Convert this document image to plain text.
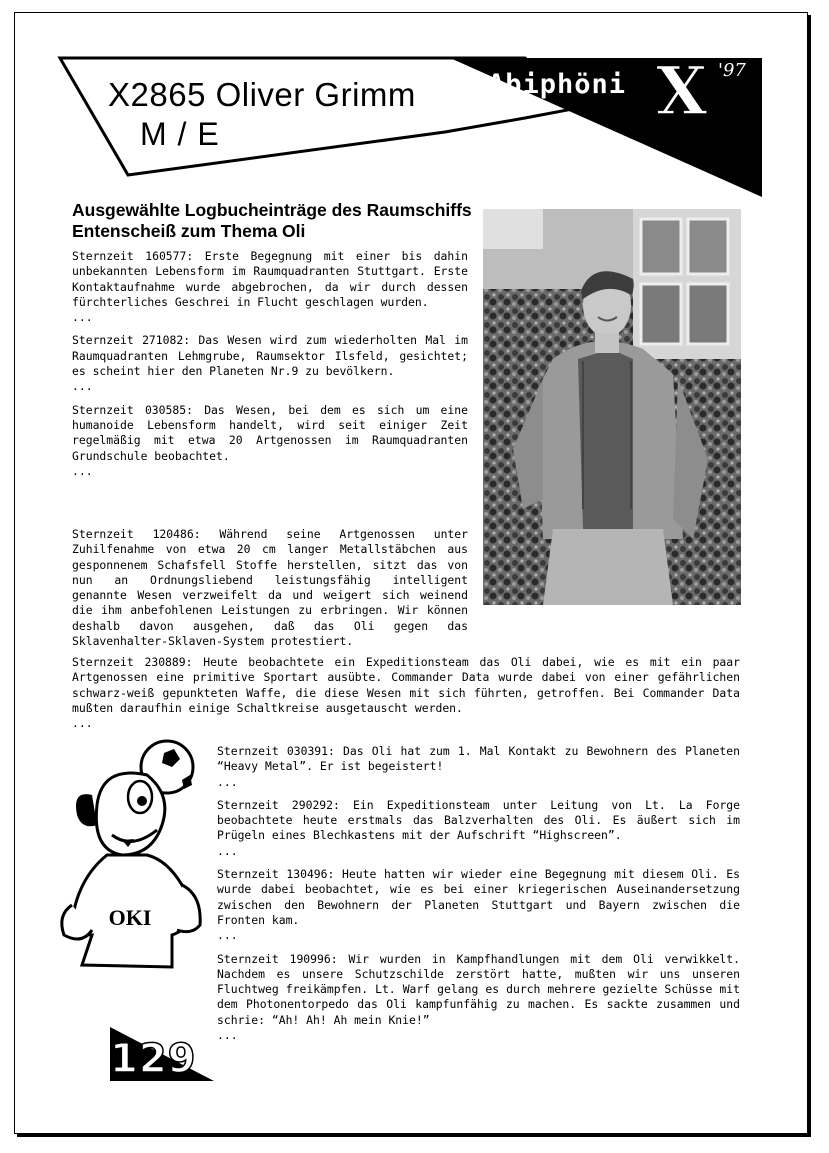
X2865 Oliver Grimm
M / E
Abiphöni X '97
Ausgewählte Logbucheinträge des Raumschiffs Entenscheiß zum Thema Oli

Sternzeit 160577: Erste Begegnung mit einer bis dahin unbekannten Lebensform im Raumquadranten Stuttgart. Erste Kontaktaufnahme wurde abgebrochen, da wir durch dessen fürchterliches Geschrei in Flucht geschlagen wurden.

...

Sternzeit 271082: Das Wesen wird zum wiederholten Mal im Raumquadranten Lehmgrube, Raumsektor Ilsfeld, gesichtet; es scheint hier den Planeten Nr.9 zu bevölkern.

...

Sternzeit 030585: Das Wesen, bei dem es sich um eine humanoide Lebensform handelt, wird seit einiger Zeit regelmäßig mit etwa 20 Artgenossen im Raumquadranten Grundschule beobachtet.

...

Sternzeit 120486: Während seine Artgenossen unter Zuhilfenahme von etwa 20 cm langer Metallstäbchen aus gesponnenem Schafsfell Stoffe herstellen, sitzt das von nun an Ordnungsliebend leistungsfähig intelligent genannte Wesen verzweifelt da und weigert sich weinend die ihm anbefohlenen Leistungen zu erbringen. Wir können deshalb davon ausgehen, daß das Oli gegen das Sklavenhalter-Sklaven-System protestiert.

Sternzeit 230889: Heute beobachtete ein Expeditionsteam das Oli dabei, wie es mit ein paar Artgenossen eine primitive Sportart ausübte. Commander Data wurde dabei von einer gefährlichen schwarz-weiß gepunkteten Waffe, die diese Wesen mit sich führten, getroffen. Bei Commander Data mußten daraufhin einige Schaltkreise ausgetauscht werden.

...
OKI

Sternzeit 030391: Das Oli hat zum 1. Mal Kontakt zu Bewohnern des Planeten “Heavy Metal”. Er ist begeistert!

...

Sternzeit 290292: Ein Expeditionsteam unter Leitung von Lt. La Forge beobachtete heute erstmals das Balzverhalten des Oli. Es äußert sich im Prügeln eines Blechkastens mit der Aufschrift “Highscreen”.

...

Sternzeit 130496: Heute hatten wir wieder eine Begegnung mit diesem Oli. Es wurde dabei beobachtet, wie es bei einer kriegerischen Auseinandersetzung zwischen den Bewohnern der Planeten Stuttgart und Bayern zwischen die Fronten kam.

...

Sternzeit 190996: Wir wurden in Kampfhandlungen mit dem Oli verwikkelt. Nachdem es unsere Schutzschilde zerstört hatte, mußten wir uns unseren Fluchtweg freikämpfen. Lt. Warf gelang es durch mehrere gezielte Schüsse mit dem Photonentorpedo das Oli kampfunfähig zu machen. Es sackte zusammen und schrie: “Ah! Ah! Ah mein Knie!”

...
129
